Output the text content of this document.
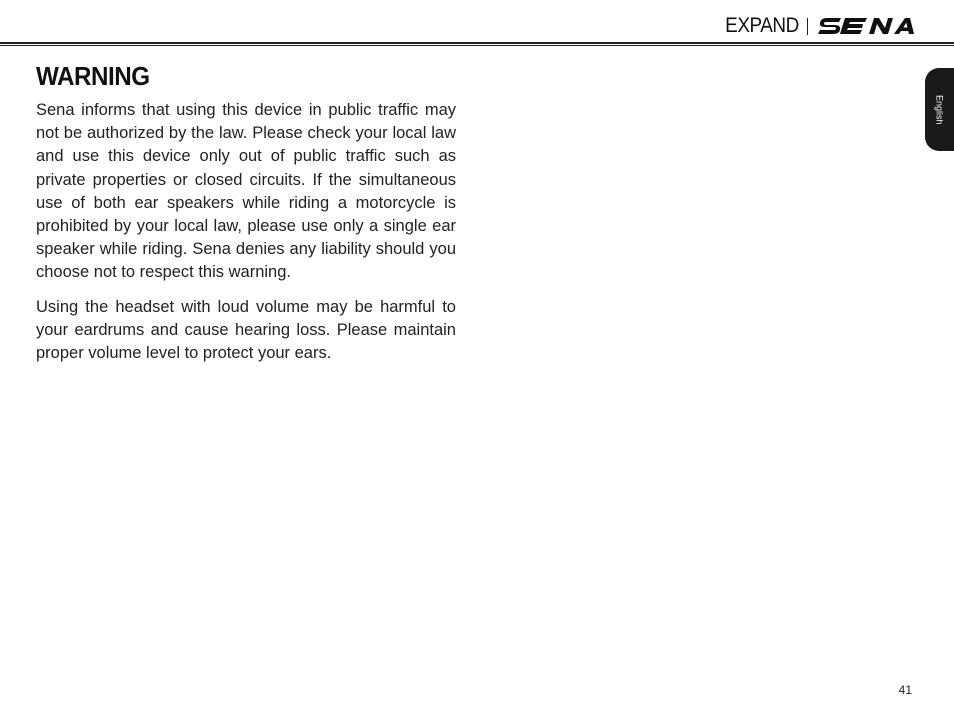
EXPAND
WARNING

Sena informs that using this device in public traffic may not be authorized by the law. Please check your local law and use this device only out of public traffic such as private properties or closed circuits. If the simultaneous use of both ear speakers while riding a motorcycle is prohibited by your local law, please use only a single ear speaker while riding. Sena denies any liability should you choose not to respect this warning.

Using the headset with loud volume may be harmful to your eardrums and cause hearing loss. Please maintain proper volume level to protect your ears.

English
41
